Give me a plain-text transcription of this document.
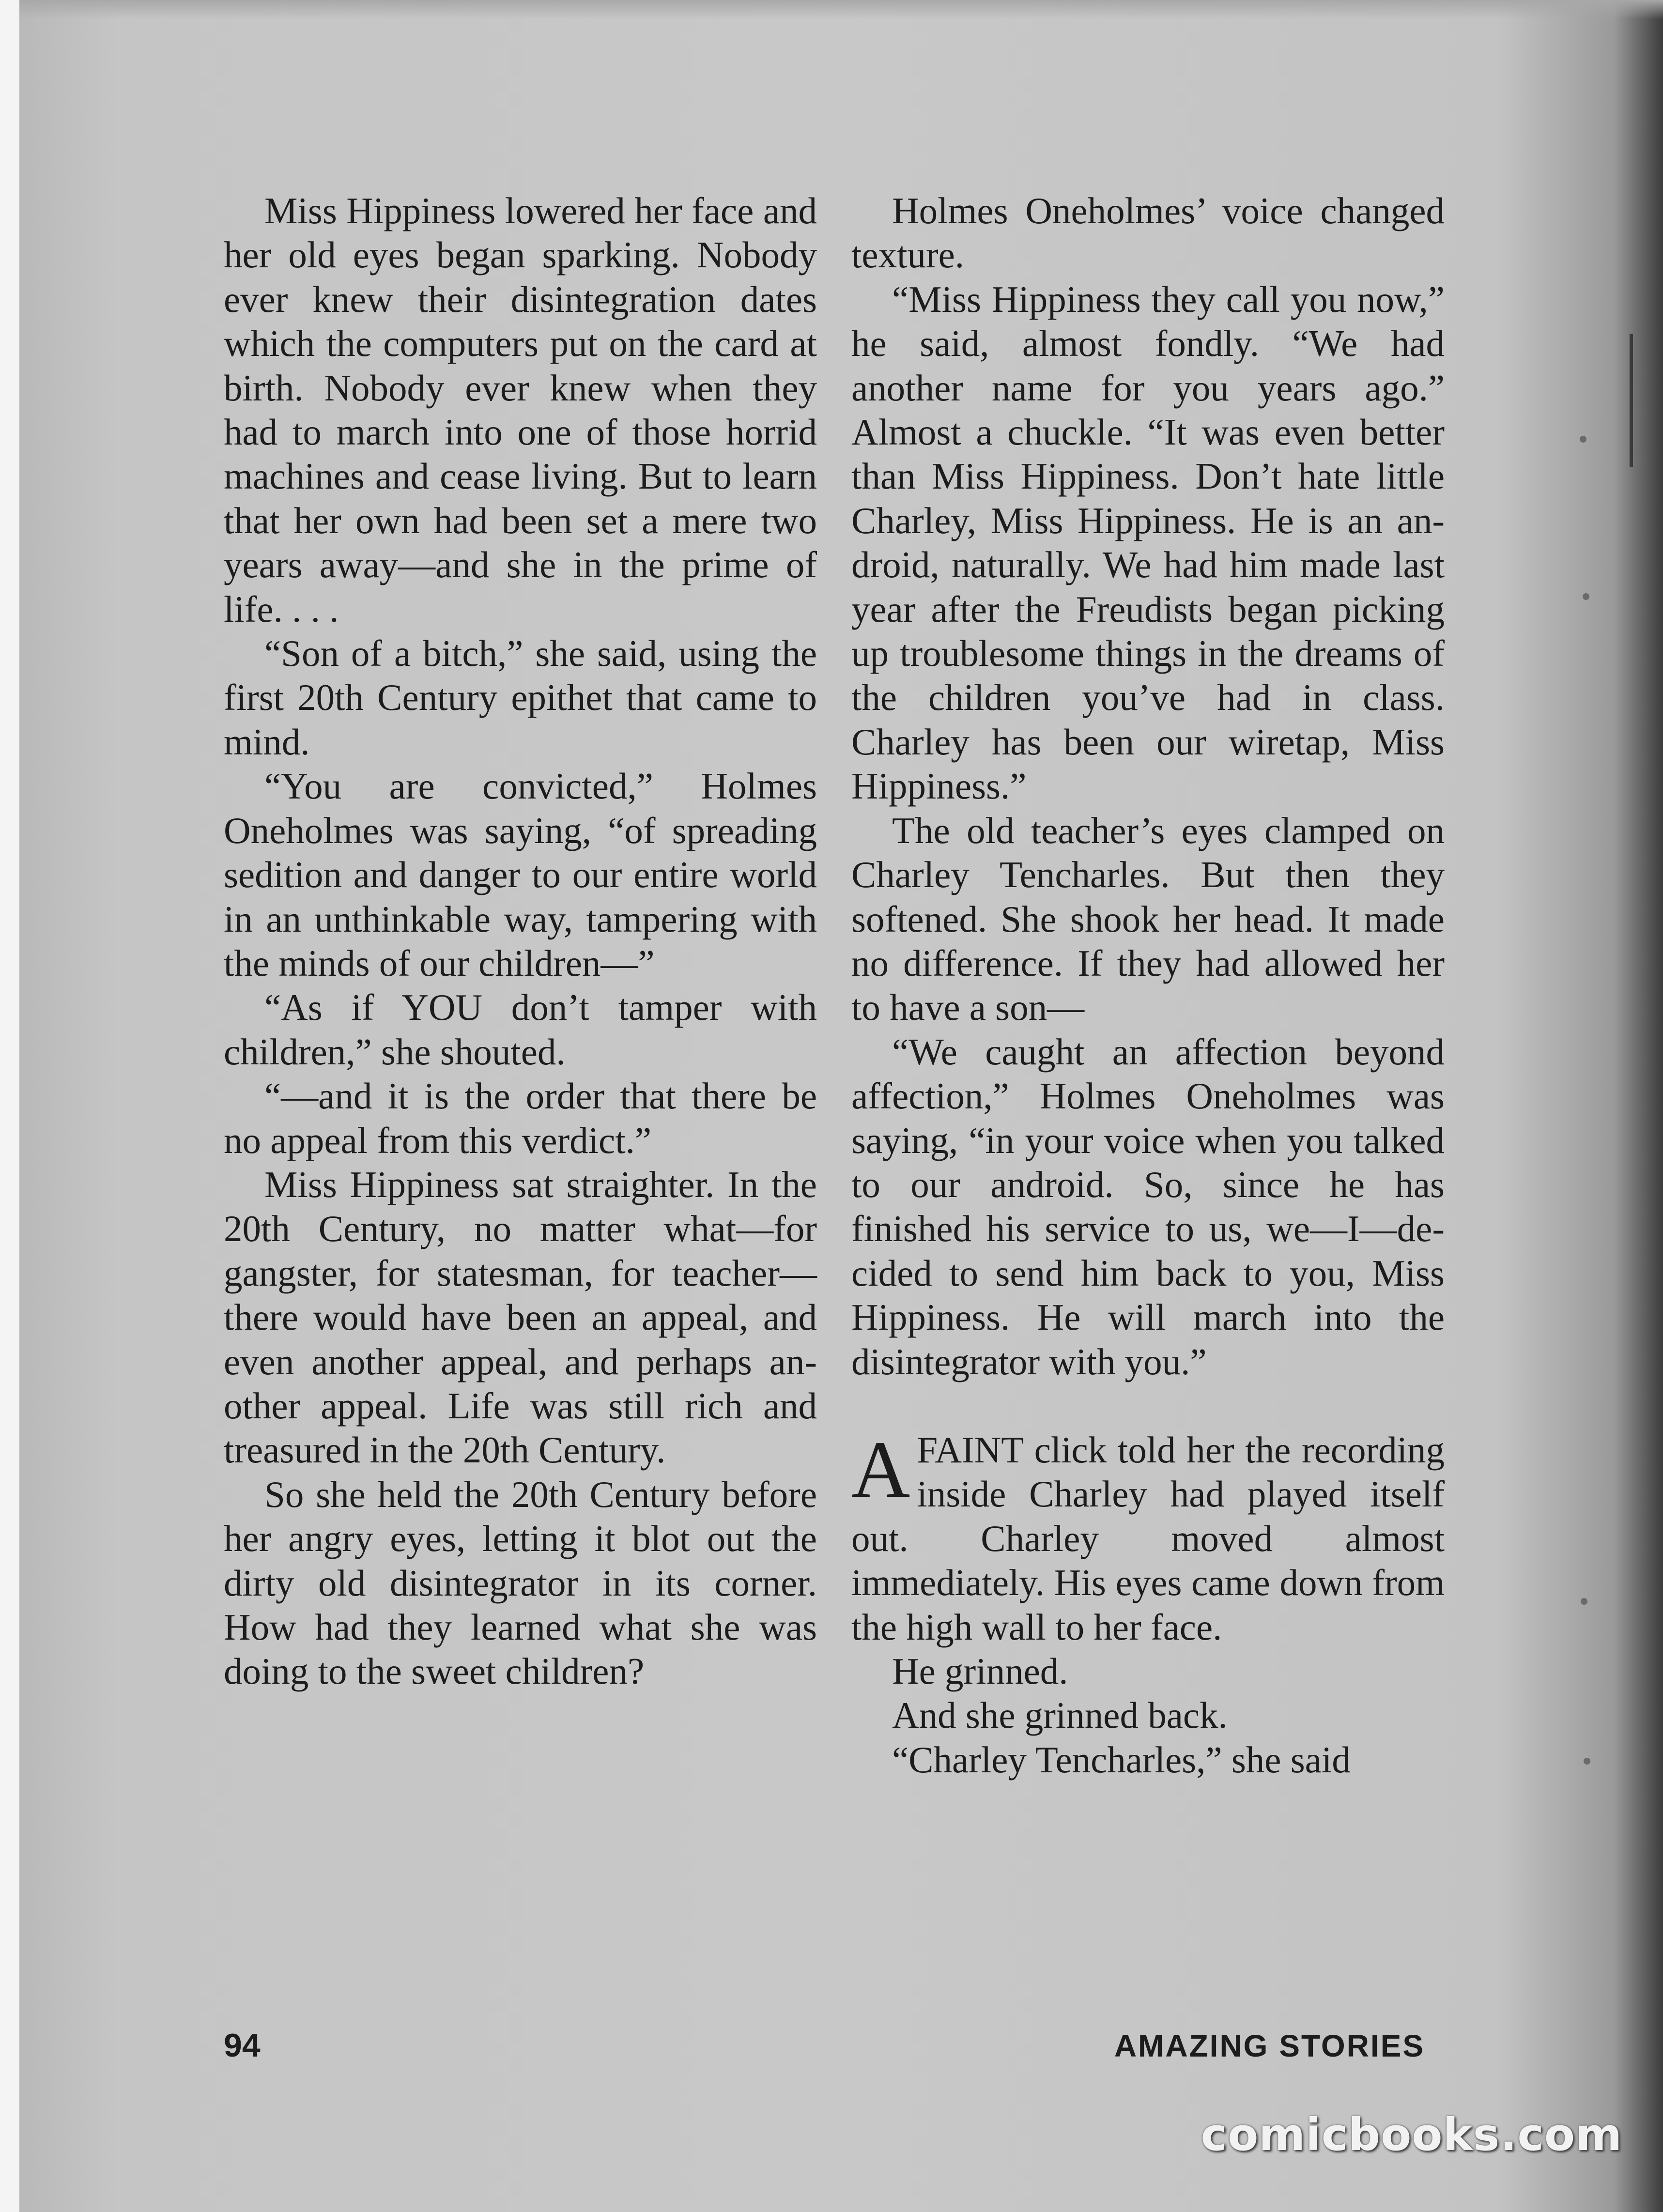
Miss Hippiness lowered her face and her old eyes began sparking. Nobody ever knew their disintegration dates which the computers put on the card at birth. Nobody ever knew when they had to march into one of those horrid machines and cease living. But to learn that her own had been set a mere two years away—and she in the prime of life. . . .

“Son of a bitch,” she said, using the first 20th Century epithet that came to mind.

“You are convicted,” Holmes Oneholmes was saying, “of spreading sedition and danger to our entire world in an unthinkable way, tampering with the minds of our children—”

“As if YOU don’t tamper with children,” she shouted.

“—and it is the order that there be no appeal from this verdict.”

Miss Hippiness sat straighter. In the 20th Century, no matter what—for gangster, for statesman, for teacher—there would have been an appeal, and even another appeal, and perhaps another appeal. Life was still rich and treasured in the 20th Century.

So she held the 20th Century before her angry eyes, letting it blot out the dirty old disintegrator in its corner. How had they learned what she was doing to the sweet children?

Holmes Oneholmes’ voice changed texture.

“Miss Hippiness they call you now,” he said, almost fondly. “We had another name for you years ago.” Almost a chuckle. “It was even better than Miss Hippiness. Don’t hate little Charley, Miss Hippiness. He is an android, naturally. We had him made last year after the Freudists began picking up troublesome things in the dreams of the children you’ve had in class. Charley has been our wiretap, Miss Hippiness.”

The old teacher’s eyes clamped on Charley Tencharles. But then they softened. She shook her head. It made no difference. If they had allowed her to have a son—

“We caught an affection beyond affection,” Holmes Oneholmes was saying, “in your voice when you talked to our android. So, since he has finished his service to us, we—I—decided to send him back to you, Miss Hippiness. He will march into the disintegrator with you.”

AFAINT click told her the recording inside Charley had played itself out. Charley moved almost immediately. His eyes came down from the high wall to her face.

He grinned.

And she grinned back.

“Charley Tencharles,” she said

94	AMAZING STORIES
comicbooks.com
